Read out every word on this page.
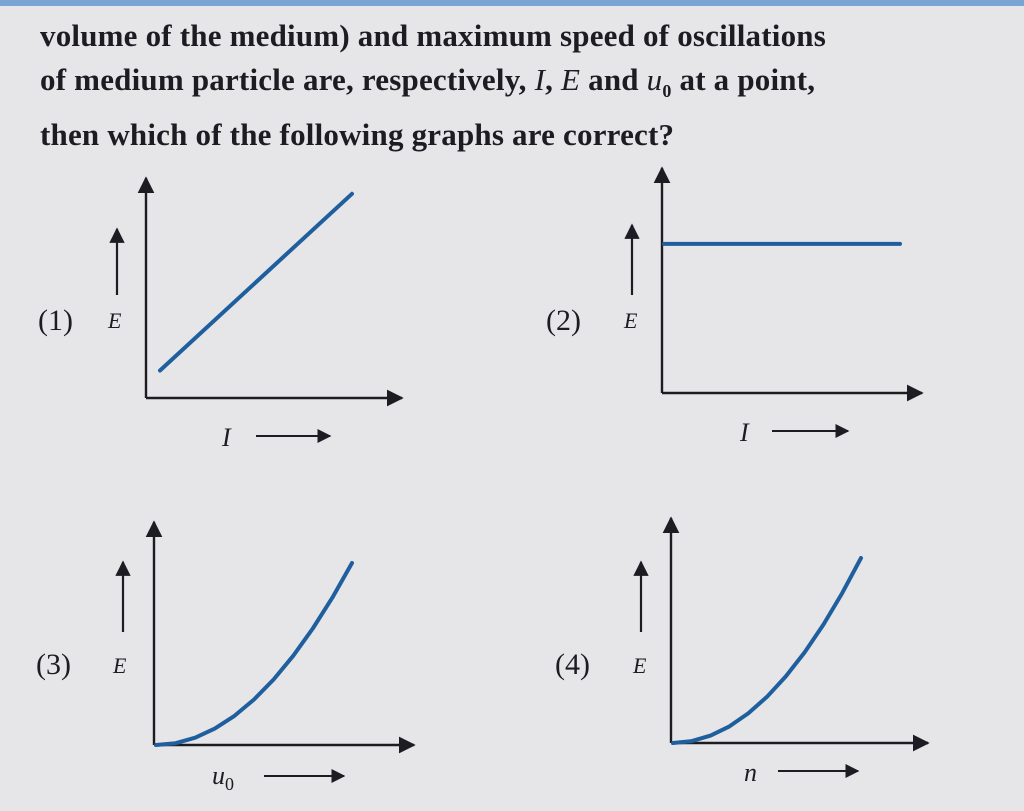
volume of the medium) and maximum speed of oscillations
of medium particle are, respectively, I, E and $u_0$ at a point,
then which of the following graphs are correct?
(1) E
I
(2) E
I
(3) E
$u_0$
(4) E
n
